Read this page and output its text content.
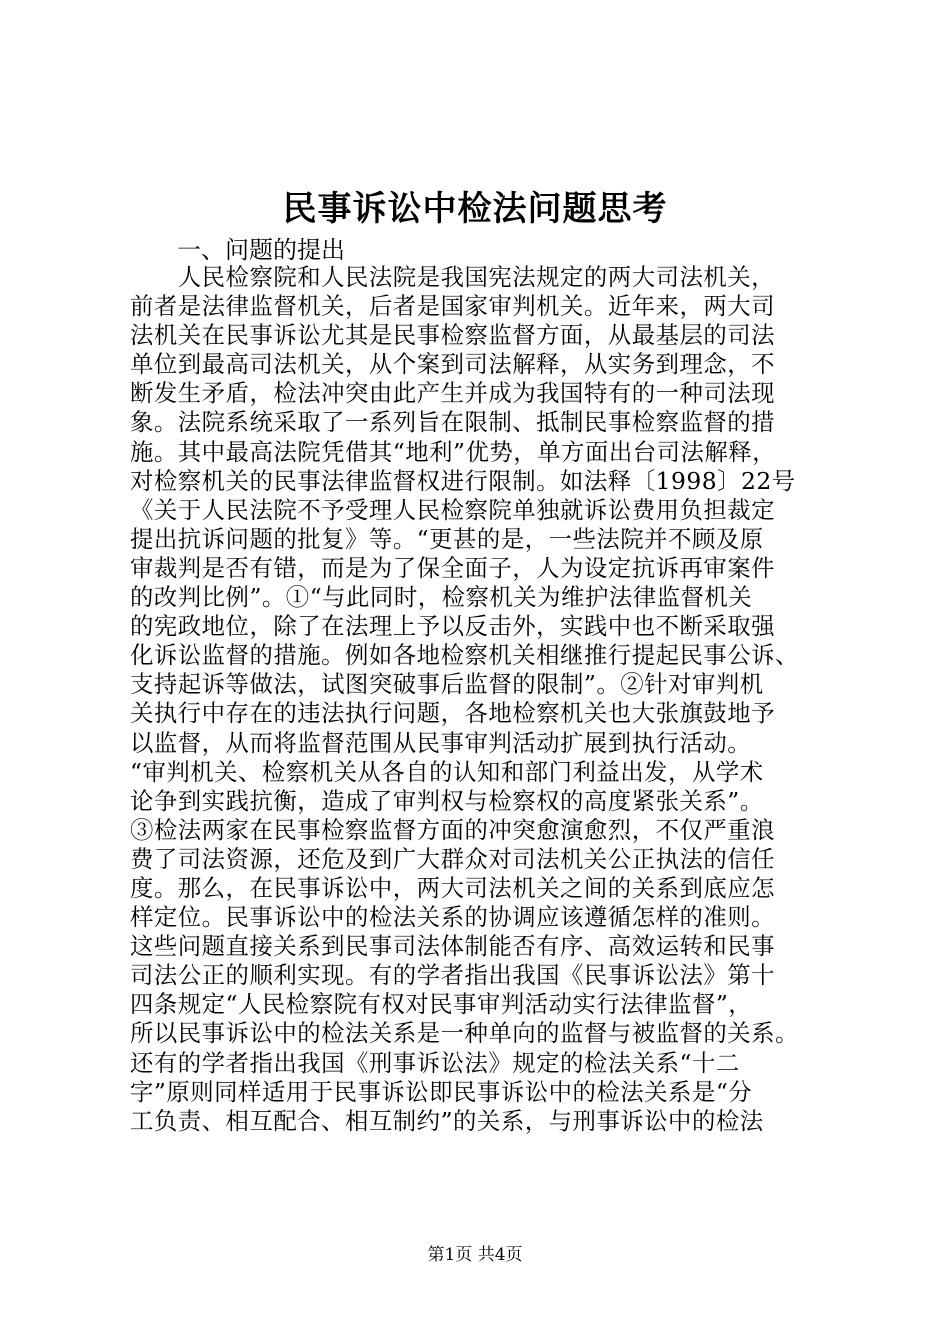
民事诉讼中检法问题思考
一、问题的提出
　　人民检察院和人民法院是我国宪法规定的两大司法机关，
前者是法律监督机关，后者是国家审判机关。近年来，两大司
法机关在民事诉讼尤其是民事检察监督方面，从最基层的司法
单位到最高司法机关，从个案到司法解释，从实务到理念，不
断发生矛盾，检法冲突由此产生并成为我国特有的一种司法现
象。法院系统采取了一系列旨在限制、抵制民事检察监督的措
施。其中最高法院凭借其“地利”优势，单方面出台司法解释，
对检察机关的民事法律监督权进行限制。如法释〔1998〕22号
《关于人民法院不予受理人民检察院单独就诉讼费用负担裁定
提出抗诉问题的批复》等。“更甚的是，一些法院并不顾及原
审裁判是否有错，而是为了保全面子，人为设定抗诉再审案件
的改判比例”。①“与此同时，检察机关为维护法律监督机关
的宪政地位，除了在法理上予以反击外，实践中也不断采取强
化诉讼监督的措施。例如各地检察机关相继推行提起民事公诉、
支持起诉等做法，试图突破事后监督的限制”。②针对审判机
关执行中存在的违法执行问题，各地检察机关也大张旗鼓地予
以监督，从而将监督范围从民事审判活动扩展到执行活动。
“审判机关、检察机关从各自的认知和部门利益出发，从学术
论争到实践抗衡，造成了审判权与检察权的高度紧张关系”。
③检法两家在民事检察监督方面的冲突愈演愈烈，不仅严重浪
费了司法资源，还危及到广大群众对司法机关公正执法的信任
度。那么，在民事诉讼中，两大司法机关之间的关系到底应怎
样定位。民事诉讼中的检法关系的协调应该遵循怎样的准则。
这些问题直接关系到民事司法体制能否有序、高效运转和民事
司法公正的顺利实现。有的学者指出我国《民事诉讼法》第十
四条规定“人民检察院有权对民事审判活动实行法律监督”，
所以民事诉讼中的检法关系是一种单向的监督与被监督的关系。
还有的学者指出我国《刑事诉讼法》规定的检法关系“十二
字”原则同样适用于民事诉讼即民事诉讼中的检法关系是“分
工负责、相互配合、相互制约”的关系，与刑事诉讼中的检法
第1页 共4页
